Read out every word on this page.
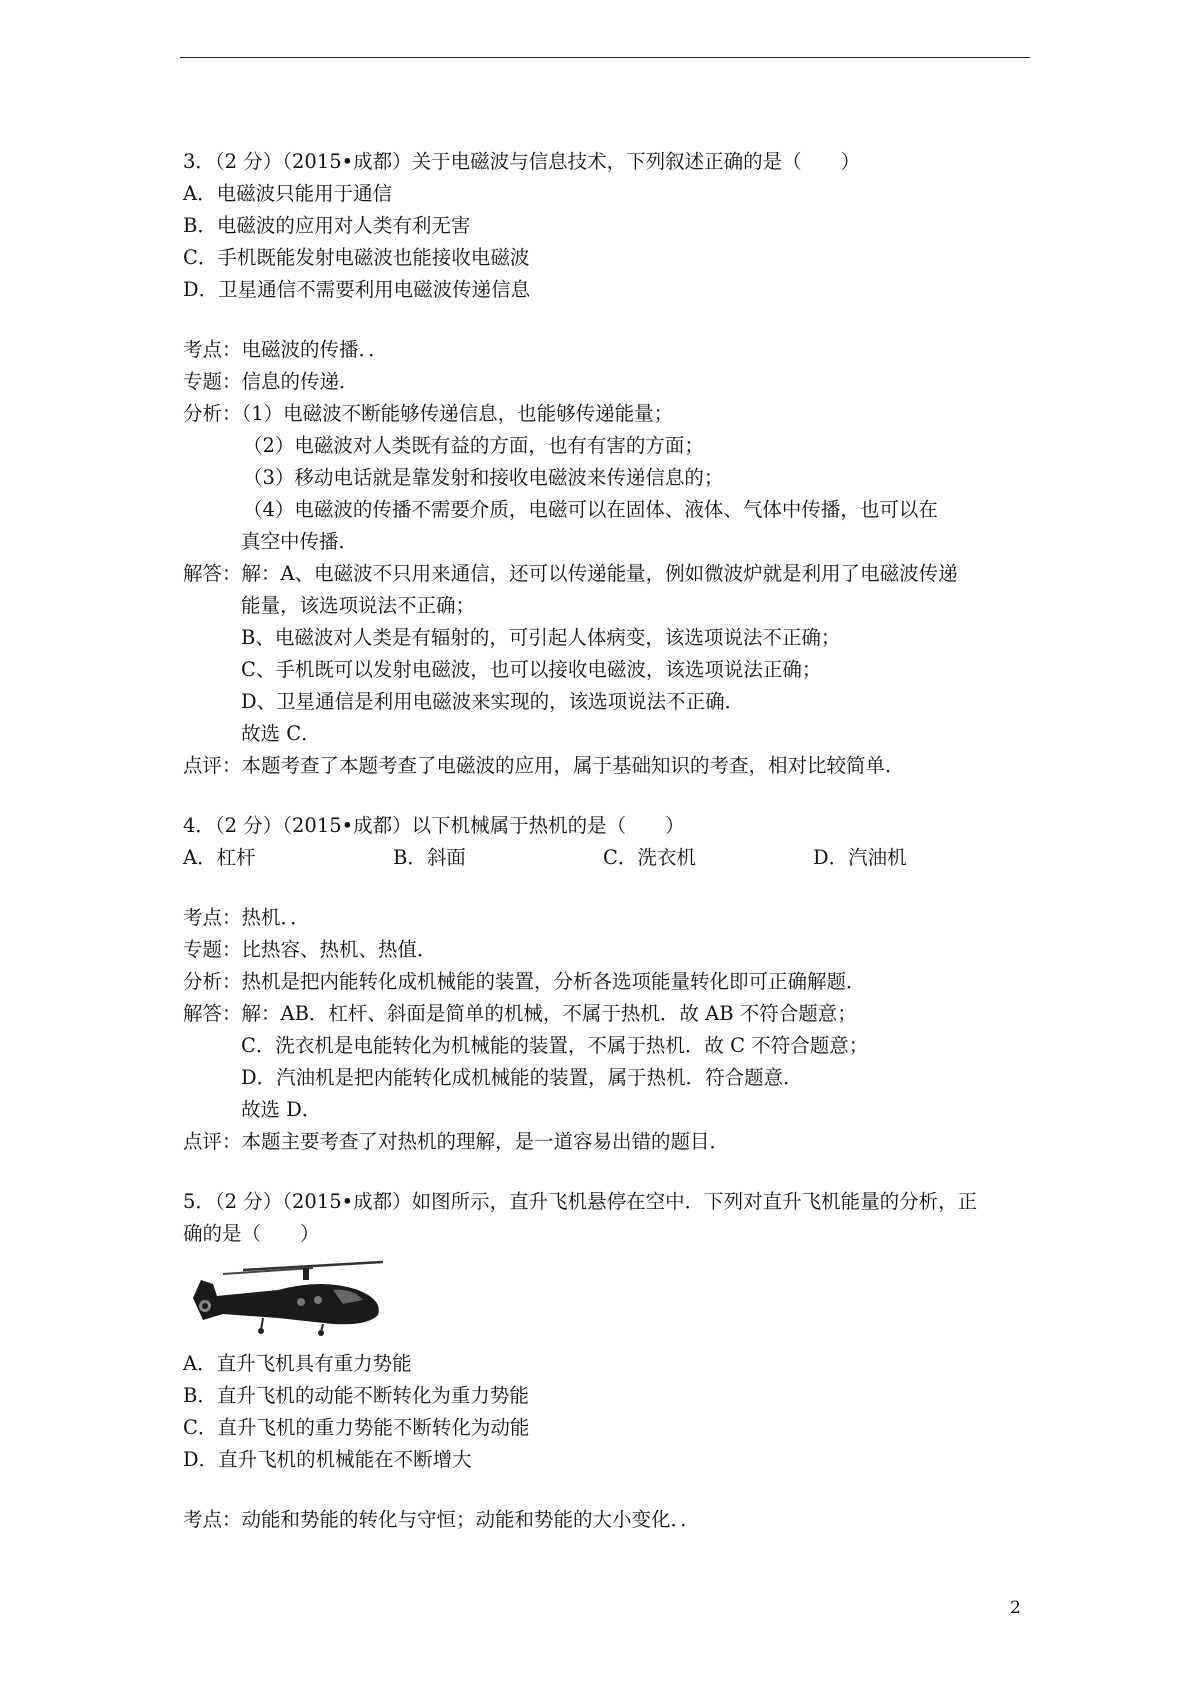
3．（2 分）（2015•成都）关于电磁波与信息技术，下列叙述正确的是（　　）
A．电磁波只能用于通信
B．电磁波的应用对人类有利无害
C．手机既能发射电磁波也能接收电磁波
D．卫星通信不需要利用电磁波传递信息
考点：电磁波的传播．．
专题：信息的传递．
分析：（1）电磁波不断能够传递信息，也能够传递能量；
（2）电磁波对人类既有益的方面，也有有害的方面；
（3）移动电话就是靠发射和接收电磁波来传递信息的；
（4）电磁波的传播不需要介质，电磁可以在固体、液体、气体中传播，也可以在
真空中传播．
解答：解：A、电磁波不只用来通信，还可以传递能量，例如微波炉就是利用了电磁波传递
能量，该选项说法不正确；
B、电磁波对人类是有辐射的，可引起人体病变，该选项说法不正确；
C、手机既可以发射电磁波，也可以接收电磁波，该选项说法正确；
D、卫星通信是利用电磁波来实现的，该选项说法不正确．
故选 C．
点评：本题考查了本题考查了电磁波的应用，属于基础知识的考查，相对比较简单．
4．（2 分）（2015•成都）以下机械属于热机的是（　　）
A．杠杆	B．斜面	C．洗衣机	D．汽油机
考点：热机．．
专题：比热容、热机、热值．
分析：热机是把内能转化成机械能的装置，分析各选项能量转化即可正确解题．
解答：解：AB．杠杆、斜面是简单的机械，不属于热机．故 AB 不符合题意；
C．洗衣机是电能转化为机械能的装置，不属于热机．故 C 不符合题意；
D．汽油机是把内能转化成机械能的装置，属于热机．符合题意．
故选 D．
点评：本题主要考查了对热机的理解，是一道容易出错的题目．
5．（2 分）（2015•成都）如图所示，直升飞机悬停在空中．下列对直升飞机能量的分析，正
确的是（　　）
A．直升飞机具有重力势能
B．直升飞机的动能不断转化为重力势能
C．直升飞机的重力势能不断转化为动能
D．直升飞机的机械能在不断增大
考点：动能和势能的转化与守恒；动能和势能的大小变化．．
2
